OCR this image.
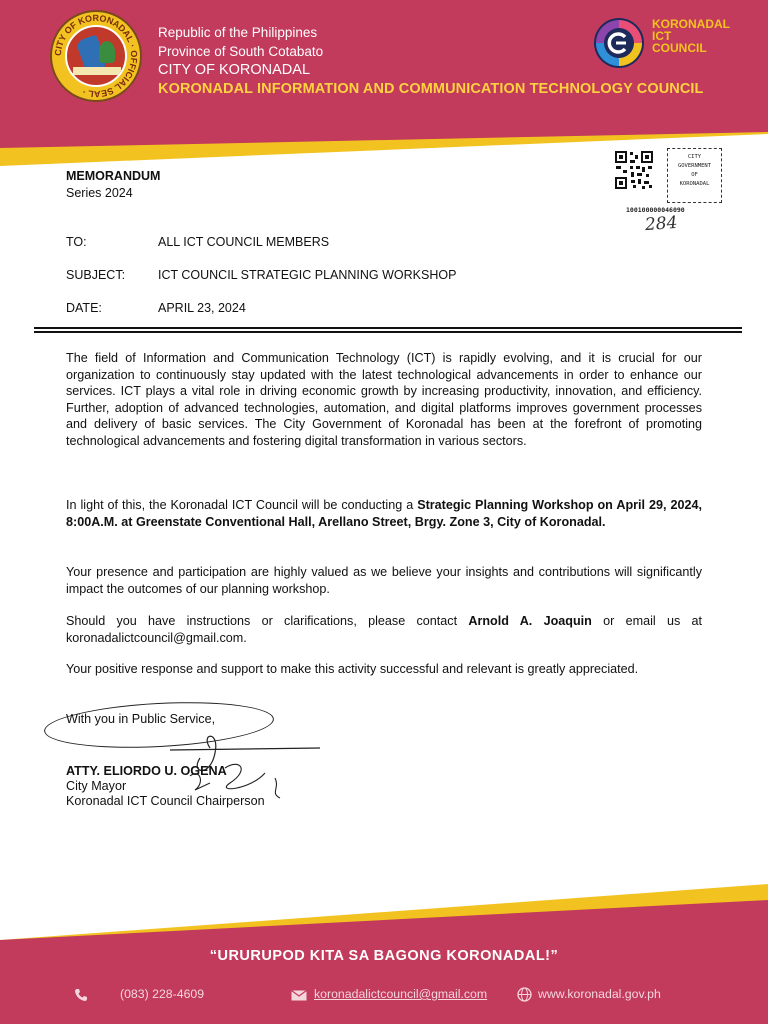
CITY OF KORONADAL · OFFICIAL SEAL ·
Republic of the Philippines
Province of South Cotabato
CITY OF KORONADAL
KORONADAL INFORMATION AND COMMUNICATION TECHNOLOGY COUNCIL
KORONADAL
ICT
COUNCIL
MEMORANDUM
Series 2024
CITY
GOVERNMENT
OF
KORONADAL
100100000046090
284
TO:	ALL ICT COUNCIL MEMBERS
SUBJECT:	ICT COUNCIL STRATEGIC PLANNING WORKSHOP
DATE:	APRIL 23, 2024
The field of Information and Communication Technology (ICT) is rapidly evolving, and it is crucial for our organization to continuously stay updated with the latest technological advancements in order to enhance our services. ICT plays a vital role in driving economic growth by increasing productivity, innovation, and efficiency. Further, adoption of advanced technologies, automation, and digital platforms improves government processes and delivery of basic services. The City Government of Koronadal has been at the forefront of promoting technological advancements and fostering digital transformation in various sectors.
In light of this, the Koronadal ICT Council will be conducting a Strategic Planning Workshop on April 29, 2024, 8:00A.M. at Greenstate Conventional Hall, Arellano Street, Brgy. Zone 3, City of Koronadal.
Your presence and participation are highly valued as we believe your insights and contributions will significantly impact the outcomes of our planning workshop.
Should you have instructions or clarifications, please contact Arnold A. Joaquin or email us at koronadalictcouncil@gmail.com.
Your positive response and support to make this activity successful and relevant is greatly appreciated.
With you in Public Service,
ATTY. ELIORDO U. OGENA
City Mayor
Koronadal ICT Council Chairperson
“URURUPOD KITA SA BAGONG KORONADAL!”
(083) 228-4609	koronadalictcouncil@gmail.com	www.koronadal.gov.ph
